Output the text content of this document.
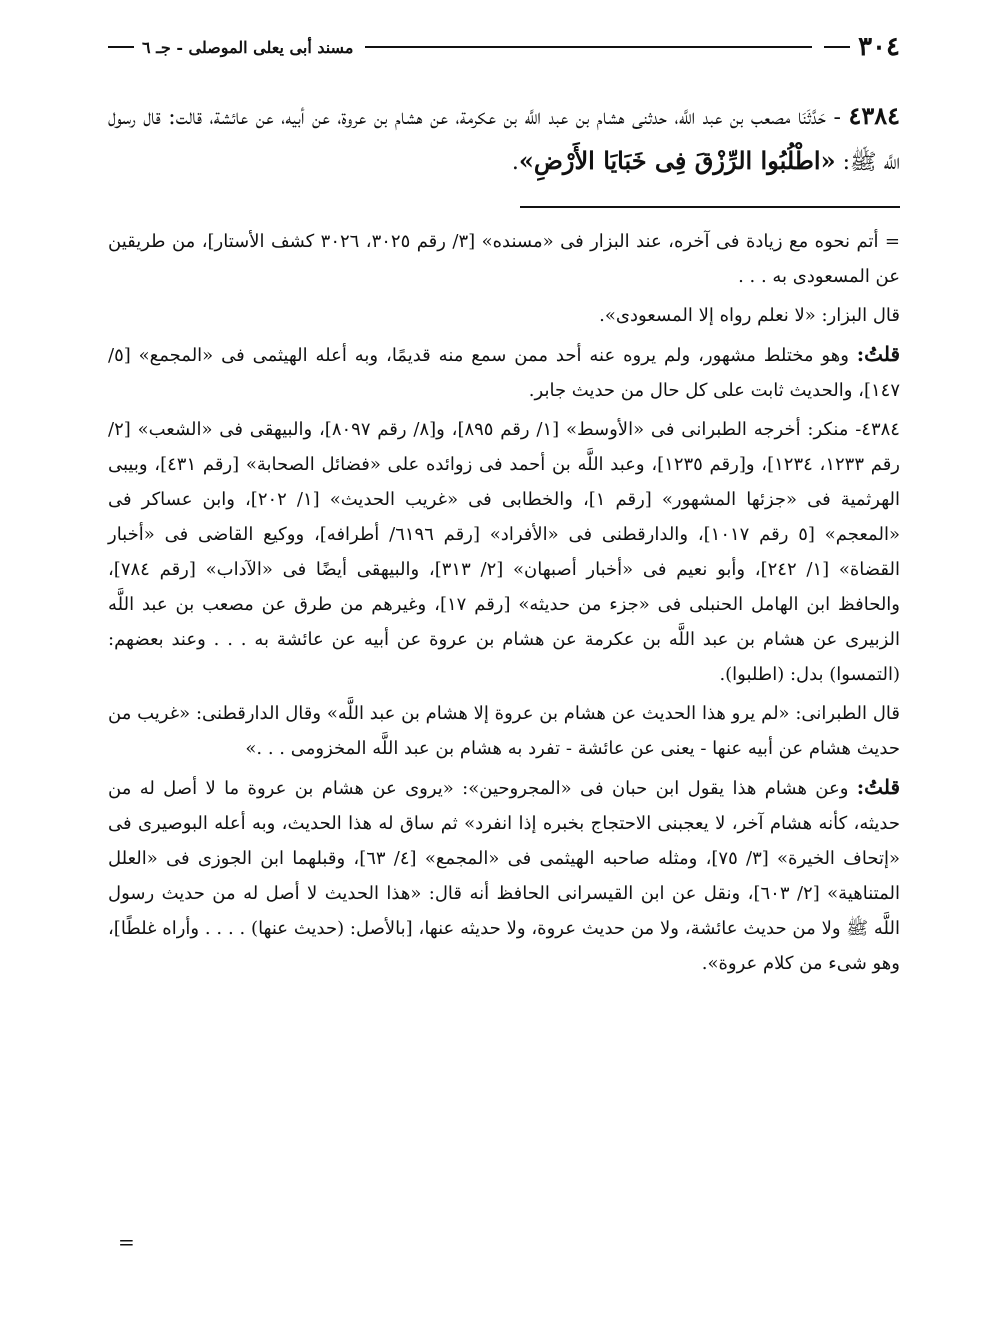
٣٠٤
مسند أبى يعلى الموصلى - جـ ٦
٤٣٨٤ - حَدَّثَنَا مصعب بن عبد اللَّه، حدثنى هشام بن عبد اللَّه بن عكرمة، عن هشام بن عروة، عن أبيه، عن عائشة، قالت: قال رسول اللَّه ﷺ: «اطْلُبُوا الرِّزْقَ فِى خَبَايَا الأَرْضِ».

= أتم نحوه مع زيادة فى آخره، عند البزار فى «مسنده» [٣/ رقم ٣٠٢٥، ٣٠٢٦ كشف الأستار]، من طريقين عن المسعودى به . . .

قال البزار: «لا نعلم رواه إلا المسعودى».

قلتُ: وهو مختلط مشهور، ولم يروه عنه أحد ممن سمع منه قديمًا، وبه أعله الهيثمى فى «المجمع» [٥/ ١٤٧]، والحديث ثابت على كل حال من حديث جابر.

٤٣٨٤- منكر: أخرجه الطبرانى فى «الأوسط» [١/ رقم ٨٩٥]، و[٨/ رقم ٨٠٩٧]، والبيهقى فى «الشعب» [٢/ رقم ١٢٣٣، ١٢٣٤]، و[رقم ١٢٣٥]، وعبد اللَّه بن أحمد فى زوائده على «فضائل الصحابة» [رقم ٤٣١]، وبيبى الهرثمية فى «جزئها المشهور» [رقم ١]، والخطابى فى «غريب الحديث» [١/ ٢٠٢]، وابن عساكر فى «المعجم» [٥ رقم ١٠١٧]، والدارقطنى فى «الأفراد» [رقم ٦١٩٦/ أطرافه]، ووكيع القاضى فى «أخبار القضاة» [١/ ٢٤٢]، وأبو نعيم فى «أخبار أصبهان» [٢/ ٣١٣]، والبيهقى أيضًا فى «الآداب» [رقم ٧٨٤]، والحافظ ابن الهامل الحنبلى فى «جزء من حديثه» [رقم ١٧]، وغيرهم من طرق عن مصعب بن عبد اللَّه الزبيرى عن هشام بن عبد اللَّه بن عكرمة عن هشام بن عروة عن أبيه عن عائشة به . . . وعند بعضهم: (التمسوا) بدل: (اطلبوا).

قال الطبرانى: «لم يرو هذا الحديث عن هشام بن عروة إلا هشام بن عبد اللَّه» وقال الدارقطنى: «غريب من حديث هشام عن أبيه عنها - يعنى عن عائشة - تفرد به هشام بن عبد اللَّه المخزومى . . .»

قلتُ: وعن هشام هذا يقول ابن حبان فى «المجروحين»: «يروى عن هشام بن عروة ما لا أصل له من حديثه، كأنه هشام آخر، لا يعجبنى الاحتجاج بخبره إذا انفرد» ثم ساق له هذا الحديث، وبه أعله البوصيرى فى «إتحاف الخيرة» [٣/ ٧٥]، ومثله صاحبه الهيثمى فى «المجمع» [٤/ ٦٣]، وقبلهما ابن الجوزى فى «العلل المتناهية» [٢/ ٦٠٣]، ونقل عن ابن القيسرانى الحافظ أنه قال: «هذا الحديث لا أصل له من حديث رسول اللَّه ﷺ ولا من حديث عائشة، ولا من حديث عروة، ولا حديثه عنها، [بالأصل: (حديث عنها) . . . . وأراه غلطًا]، وهو شىء من كلام عروة».

=
